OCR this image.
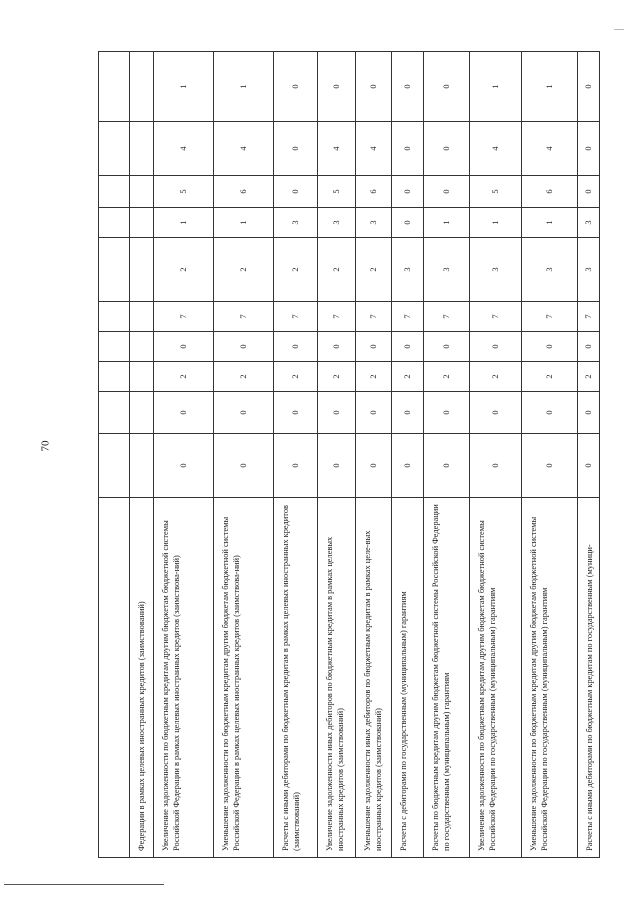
70

Федерации в рамках целевых иностранных кредитов (заимствований)										
Увеличение задолженности по бюджетным кредитам другим бюджетам бюджетной системы Российской Федерации в рамках целевых иностранных кредитов (заимствова-ний)	0	0	2	0	7	2	1	5	4	1
Уменьшение задолженности по бюджетным кредитам другим бюджетам бюджетной системы Российской Федерации в рамках целевых иностранных кредитов (заимствова-ний)	0	0	2	0	7	2	1	6	4	1
Расчеты с иными дебиторами по бюджетным кредитам в рамках целевых иностранных кредитов (заимствований)	0	0	2	0	7	2	3	0	0	0
Увеличение задолженности иных дебиторов по бюджетным кредитам в рамках целевых иностранных кредитов (заимствований)	0	0	2	0	7	2	3	5	4	0
Уменьшение задолженности иных дебиторов по бюджетным кредитам в рамках целе-вых иностранных кредитов (заимствований)	0	0	2	0	7	2	3	6	4	0
Расчеты с дебиторами по государственным (муниципальным) гарантиям	0	0	2	0	7	3	0	0	0	0
Расчеты по бюджетным кредитам другим бюджетам бюджетной системы Российской Федерации по государственным (муниципальным) гарантиям	0	0	2	0	7	3	1	0	0	0
Увеличение задолженности по бюджетным кредитам другим бюджетам бюджетной системы Российской Федерации по государственным (муниципальным) гарантиям	0	0	2	0	7	3	1	5	4	1
Уменьшение задолженности по бюджетным кредитам другим бюджетам бюджетной системы Российской Федерации по государственным (муниципальным) гарантиям	0	0	2	0	7	3	1	6	4	1
Расчеты с иными дебиторами по бюджетным кредитам по государственным (муници-	0	0	2	0	7	3	3	0	0	0
